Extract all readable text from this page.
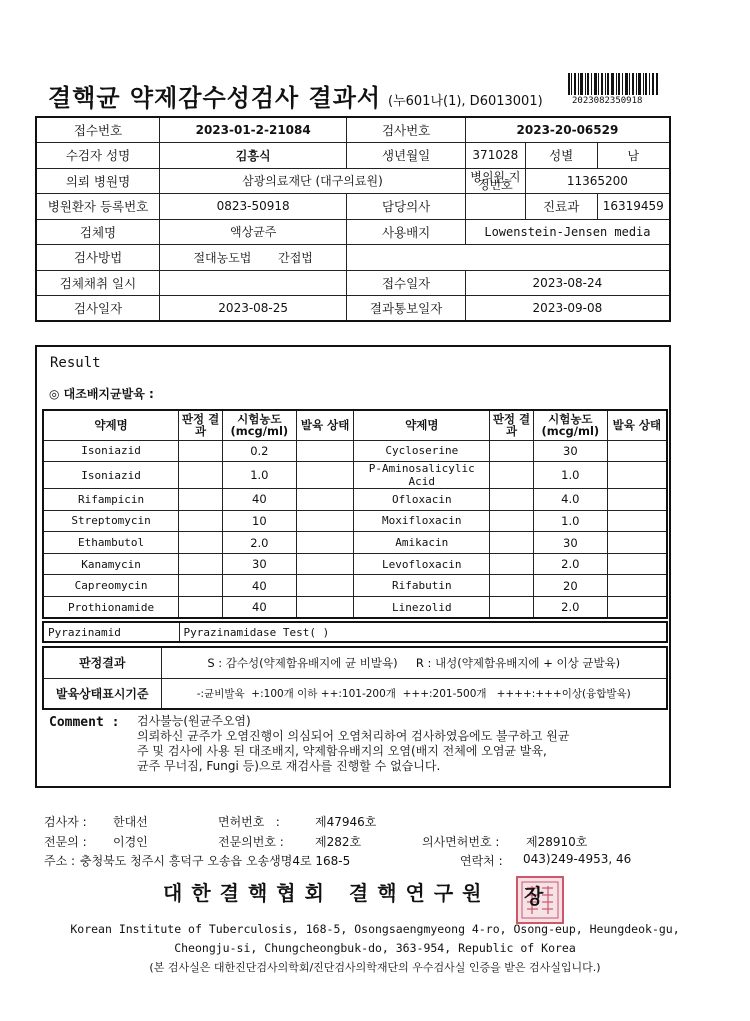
결핵균 약제감수성검사 결과서 (누601나(1), D6013001)	2023082350918
접수번호	2023-01-2-21084	검사번호	2023-20-06529		
수검자 성명	김흥식	생년월일	371028	성별	남
의뢰 병원명	삼광의료재단 (대구의료원)		병의원 지정번호	11365200	
병원환자 등록번호	0823-50918	담당의사		진료과	16319459
검체명	액상균주	사용배지	Lowenstein-Jensen media		
검사방법	절대농도법 간접법				
검체채취 일시		접수일자	2023-08-24		
검사일자	2023-08-25	결과통보일자	2023-09-08		
Result
◎ 대조배지균발육 :
약제명	판정 결과	시험농도 (mcg/ml)	발육 상태	약제명	판정 결과	시험농도 (mcg/ml)	발육 상태
Isoniazid		0.2		Cycloserine		30	
Isoniazid		1.0		P-Aminosalicylic Acid		1.0	
Rifampicin		40		Ofloxacin		4.0	
Streptomycin		10		Moxifloxacin		1.0	
Ethambutol		2.0		Amikacin		30	
Kanamycin		30		Levofloxacin		2.0	
Capreomycin		40		Rifabutin		20	
Prothionamide		40		Linezolid		2.0	
Pyrazinamid	Pyrazinamidase Test( )
판정결과	S : 감수성(약제함유배지에 균 비발육) R : 내성(약제함유배지에 + 이상 균발육)
발육상태표시기준	-:균비발육  +:100개 이하 ++:101-200개  +++:201-500개   ++++:+++이상(융합발육)
Comment : 검사불능(원균주오염)
의뢰하신 균주가 오염진행이 의심되어 오염처리하여 검사하였음에도 불구하고 원균
주 및 검사에 사용 된 대조배지, 약제함유배지의 오염(배지 전체에 오염균 발육,
균주 무너짐, Fungi 등)으로 재검사를 진행할 수 없습니다.
검사자 : 한대선	면허번호   :	제47946호
전문의 : 이경인	전문의번호 :	제282호	의사면허번호 : 제28910호
주소 : 충청북도 청주시 흥덕구 오송읍 오송생명4로 168-5	연락처 : 043)249-4953, 46
대한결핵협회 결핵연구원 장
Korean Institute of Tuberculosis, 168-5, Osongsaengmyeong 4-ro, Osong-eup, Heungdeok-gu,
Cheongju-si, Chungcheongbuk-do, 363-954, Republic of Korea
(본 검사실은 대한진단검사의학회/진단검사의학재단의 우수검사실 인증을 받은 검사실입니다.)
